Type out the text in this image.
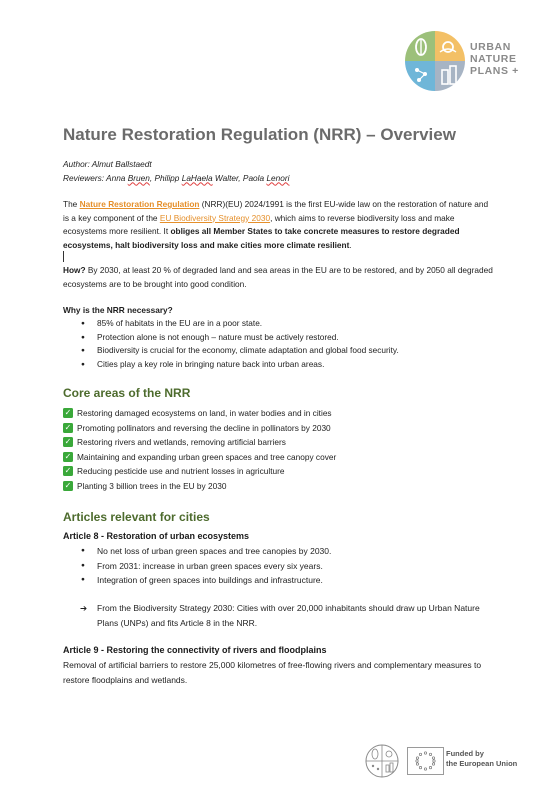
URBAN
NATURE
PLANS +
Nature Restoration Regulation (NRR) – Overview
Author: Almut Ballstaedt
Reviewers: Anna Bruen, Philipp LaHaela Walter, Paola Lenori
The Nature Restoration Regulation (NRR)(EU) 2024/1991 is the first EU-wide law on the restoration of nature and is a key component of the EU Biodiversity Strategy 2030, which aims to reverse biodiversity loss and make ecosystems more resilient. It obliges all Member States to take concrete measures to restore degraded ecosystems, halt biodiversity loss and make cities more climate resilient.
How? By 2030, at least 20 % of degraded land and sea areas in the EU are to be restored, and by 2050 all degraded ecosystems are to be brought into good condition.
Why is the NRR necessary?
● 85% of habitats in the EU are in a poor state.
● Protection alone is not enough – nature must be actively restored.
● Biodiversity is crucial for the economy, climate adaptation and global food security.
● Cities play a key role in bringing nature back into urban areas.
Core areas of the NRR
✓ Restoring damaged ecosystems on land, in water bodies and in cities
✓ Promoting pollinators and reversing the decline in pollinators by 2030
✓ Restoring rivers and wetlands, removing artificial barriers
✓ Maintaining and expanding urban green spaces and tree canopy cover
✓ Reducing pesticide use and nutrient losses in agriculture
✓ Planting 3 billion trees in the EU by 2030
Articles relevant for cities
Article 8 - Restoration of urban ecosystems
● No net loss of urban green spaces and tree canopies by 2030.
● From 2031: increase in urban green spaces every six years.
● Integration of green spaces into buildings and infrastructure.
➔ From the Biodiversity Strategy 2030: Cities with over 20,000 inhabitants should draw up Urban Nature Plans (UNPs) and fits Article 8 in the NRR.
Article 9 - Restoring the connectivity of rivers and floodplains
Removal of artificial barriers to restore 25,000 kilometres of free-flowing rivers and complementary measures to restore floodplains and wetlands.
Funded by
the European Union
